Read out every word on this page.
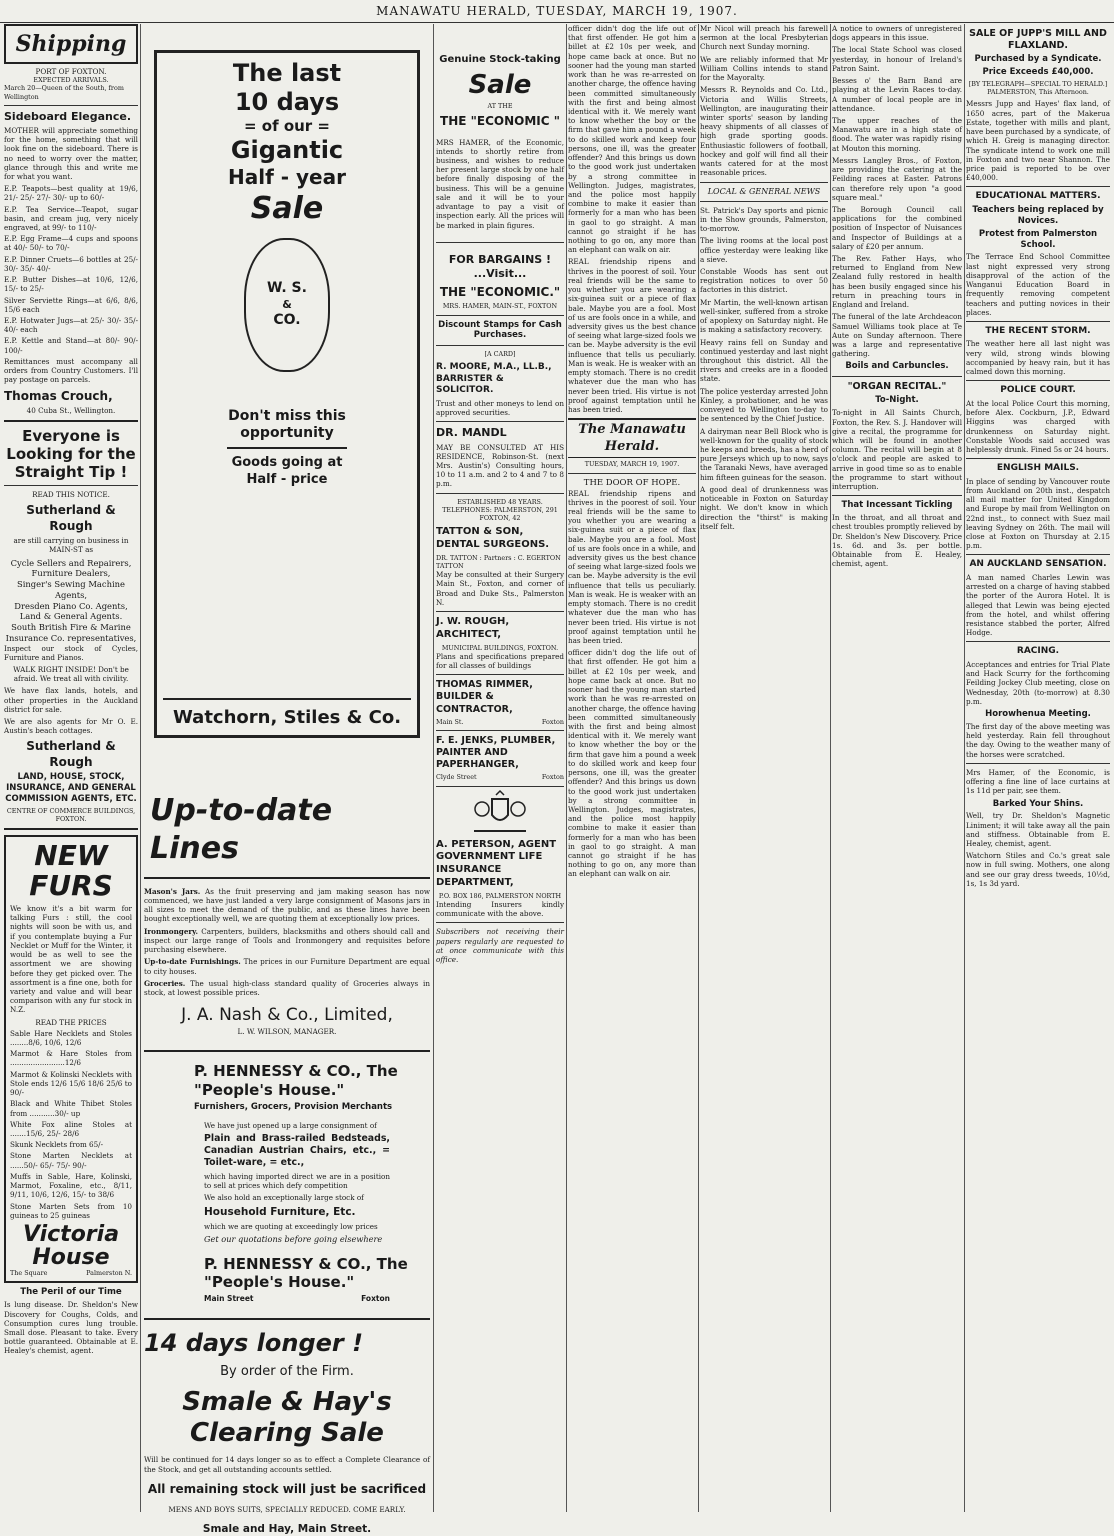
MANAWATU HERALD, TUESDAY, MARCH 19, 1907.
Shipping
PORT OF FOXTON.
EXPECTED ARRIVALS.
March 20—Queen of the South, from Wellington
Sideboard Elegance.

MOTHER will appreciate something for the home, something that will look fine on the sideboard. There is no need to worry over the matter, glance through this and write me for what you want.

E.P. Teapots—best quality at 19/6, 21/- 25/- 27/- 30/- up to 60/-

E.P. Tea Service—Teapot, sugar basin, and cream jug, very nicely engraved, at 99/- to 110/-

E.P. Egg Frame—4 cups and spoons at 40/- 50/- to 70/-

E.P. Dinner Cruets—6 bottles at 25/- 30/- 35/- 40/-

E.P. Butter Dishes—at 10/6, 12/6, 15/- to 25/-

Silver Serviette Rings—at 6/6, 8/6, 15/6 each

E.P. Hotwater Jugs—at 25/- 30/- 35/- 40/- each

E.P. Kettle and Stand—at 80/- 90/- 100/-

Remittances must accompany all orders from Country Customers. I'll pay postage on parcels.

Thomas Crouch,
40 Cuba St., Wellington.
Everyone is Looking for the Straight Tip !
READ THIS NOTICE.
Sutherland & Rough

are still carrying on business in MAIN-ST as

Cycle Sellers and Repairers, Furniture Dealers,
Singer's Sewing Machine Agents,
Dresden Piano Co. Agents,
Land & General Agents.
South British Fire & Marine Insurance Co. representatives,

Inspect our stock of Cycles, Furniture and Pianos.

WALK RIGHT INSIDE! Don't be afraid. We treat all with civility.

We have flax lands, hotels, and other properties in the Auckland district for sale.

We are also agents for Mr O. E. Austin's beach cottages.

Sutherland & Rough
LAND, HOUSE, STOCK, INSURANCE, AND GENERAL COMMISSION AGENTS, ETC.
CENTRE OF COMMERCE BUILDINGS, FOXTON.
NEW FURS

We know it's a bit warm for talking Furs : still, the cool nights will soon be with us, and if you contemplate buying a Fur Necklet or Muff for the Winter, it would be as well to see the assortment we are showing before they get picked over. The assortment is a fine one, both for variety and value and will bear comparison with any fur stock in N.Z.

READ THE PRICES

Sable Hare Necklets and Stoles ........8/6, 10/6, 12/6

Marmot & Hare Stoles from ........................12/6

Marmot & Kolinski Necklets with Stole ends 12/6 15/6 18/6 25/6 to 90/-

Black and White Thibet Stoles from ...........30/- up

White Fox aline Stoles at .......15/6, 25/- 28/6

Skunk Necklets from 65/-

Stone Marten Necklets at ......50/- 65/- 75/- 90/-

Muffs in Sable, Hare, Kolinski, Marmot, Foxaline, etc., 8/11, 9/11, 10/6, 12/6, 15/- to 38/6

Stone Marten Sets from 10 guineas to 25 guineas

Victoria House
The Square	Palmerston N.
The Peril of our Time

Is lung disease. Dr. Sheldon's New Discovery for Coughs, Colds, and Consumption cures lung trouble. Small dose. Pleasant to take. Every bottle guaranteed. Obtainable at E. Healey's chemist, agent.

The last
10 days
= of our =
Gigantic
Half - year
Sale
W. S.
&
CO.
Don't miss this opportunity
Goods going at Half - price
Watchorn, Stiles & Co.
Up-to-date Lines

Mason's Jars. As the fruit preserving and jam making season has now commenced, we have just landed a very large consignment of Masons jars in all sizes to meet the demand of the public, and as these lines have been bought exceptionally well, we are quoting them at exceptionally low prices.

Ironmongery. Carpenters, builders, blacksmiths and others should call and inspect our large range of Tools and Ironmongery and requisites before purchasing elsewhere.

Up-to-date Furnishings. The prices in our Furniture Department are equal to city houses.

Groceries. The usual high-class standard quality of Groceries always in stock, at lowest possible prices.

J. A. Nash & Co., Limited,
L. W. WILSON, MANAGER.
P. HENNESSY & CO., The "People's House."
Furnishers, Grocers, Provision Merchants

We have just opened up a large consignment of

Plain and Brass-railed Bedsteads, Canadian Austrian Chairs, etc., = Toilet-ware, = etc.,

which having imported direct we are in a position to sell at prices which defy competition

We also hold an exceptionally large stock of

Household Furniture, Etc.

which we are quoting at exceedingly low prices

Get our quotations before going elsewhere

P. HENNESSY & CO., The "People's House."
Main Street	Foxton
14 days longer !
By order of the Firm.
Smale & Hay's Clearing Sale

Will be continued for 14 days longer so as to effect a Complete Clearance of the Stock, and get all outstanding accounts settled.

All remaining stock will just be sacrificed
MENS AND BOYS SUITS, SPECIALLY REDUCED. COME EARLY.
Smale and Hay, Main Street.
Genuine Stock-taking
Sale
AT THE
THE "ECONOMIC "

MRS HAMER, of the Economic, intends to shortly retire from business, and wishes to reduce her present large stock by one half before finally disposing of the business. This will be a genuine sale and it will be to your advantage to pay a visit of inspection early. All the prices will be marked in plain figures.

FOR BARGAINS ! ...Visit...
THE "ECONOMIC."
MRS. HAMER, MAIN-ST., FOXTON
Discount Stamps for Cash Purchases.
[A CARD]
R. MOORE, M.A., LL.B., BARRISTER & SOLICITOR.

Trust and other moneys to lend on approved securities.

DR. MANDL

MAY BE CONSULTED AT HIS RESIDENCE, Robinson-St. (next Mrs. Austin's) Consulting hours, 10 to 11 a.m. and 2 to 4 and 7 to 8 p.m.

ESTABLISHED 48 YEARS. TELEPHONES: PALMERSTON, 291 FOXTON, 42

TATTON & SON, DENTAL SURGEONS.
DR. TATTON : Partners : C. EGERTON TATTON

May be consulted at their Surgery Main St., Foxton, and corner of Broad and Duke Sts., Palmerston N.

J. W. ROUGH, ARCHITECT,
MUNICIPAL BUILDINGS, FOXTON.

Plans and specifications prepared for all classes of buildings

THOMAS RIMMER, BUILDER & CONTRACTOR,
Main St.	Foxton
F. E. JENKS, PLUMBER, PAINTER AND PAPERHANGER,
Clyde Street	Foxton
A. PETERSON, AGENT GOVERNMENT LIFE INSURANCE DEPARTMENT,
P.O. BOX 186, PALMERSTON NORTH

Intending Insurers kindly communicate with the above.

Subscribers not receiving their papers regularly are requested to at once communicate with this office.

officer didn't dog the life out of that first offender. He got him a billet at £2 10s per week, and hope came back at once. But no sooner had the young man started work than he was re-arrested on another charge, the offence having been committed simultaneously with the first and being almost identical with it. We merely want to know whether the boy or the firm that gave him a pound a week to do skilled work and keep four persons, one ill, was the greater offender? And this brings us down to the good work just undertaken by a strong committee in Wellington. Judges, magistrates, and the police most happily combine to make it easier than formerly for a man who has been in gaol to go straight. A man cannot go straight if he has nothing to go on, any more than an elephant can walk on air.

REAL friendship ripens and thrives in the poorest of soil. Your real friends will be the same to you whether you are wearing a six-guinea suit or a piece of flax bale. Maybe you are a fool. Most of us are fools once in a while, and adversity gives us the best chance of seeing what large-sized fools we can be. Maybe adversity is the evil influence that tells us peculiarly. Man is weak. He is weaker with an empty stomach. There is no credit whatever due the man who has never been tried. His virtue is not proof against temptation until he has been tried.

The Manawatu Herald.
TUESDAY, MARCH 19, 1907.
THE DOOR OF HOPE.

REAL friendship ripens and thrives in the poorest of soil. Your real friends will be the same to you whether you are wearing a six-guinea suit or a piece of flax bale. Maybe you are a fool. Most of us are fools once in a while, and adversity gives us the best chance of seeing what large-sized fools we can be. Maybe adversity is the evil influence that tells us peculiarly. Man is weak. He is weaker with an empty stomach. There is no credit whatever due the man who has never been tried. His virtue is not proof against temptation until he has been tried.

officer didn't dog the life out of that first offender. He got him a billet at £2 10s per week, and hope came back at once. But no sooner had the young man started work than he was re-arrested on another charge, the offence having been committed simultaneously with the first and being almost identical with it. We merely want to know whether the boy or the firm that gave him a pound a week to do skilled work and keep four persons, one ill, was the greater offender? And this brings us down to the good work just undertaken by a strong committee in Wellington. Judges, magistrates, and the police most happily combine to make it easier than formerly for a man who has been in gaol to go straight. A man cannot go straight if he has nothing to go on, any more than an elephant can walk on air.

Mr Nicol will preach his farewell sermon at the local Presbyterian Church next Sunday morning.

We are reliably informed that Mr William Collins intends to stand for the Mayoralty.

Messrs R. Reynolds and Co. Ltd., Victoria and Willis Streets, Wellington, are inaugurating their winter sports' season by landing heavy shipments of all classes of high grade sporting goods. Enthusiastic followers of football, hockey and golf will find all their wants catered for at the most reasonable prices.

LOCAL & GENERAL NEWS

St. Patrick's Day sports and picnic in the Show grounds, Palmerston, to-morrow.

The living rooms at the local post office yesterday were leaking like a sieve.

Constable Woods has sent out registration notices to over 50 factories in this district.

Mr Martin, the well-known artisan well-sinker, suffered from a stroke of apoplexy on Saturday night. He is making a satisfactory recovery.

Heavy rains fell on Sunday and continued yesterday and last night throughout this district. All the rivers and creeks are in a flooded state.

The police yesterday arrested John Kinley, a probationer, and he was conveyed to Wellington to-day to be sentenced by the Chief Justice.

A dairyman near Bell Block who is well-known for the quality of stock he keeps and breeds, has a herd of pure Jerseys which up to now, says the Taranaki News, have averaged him fifteen guineas for the season.

A good deal of drunkenness was noticeable in Foxton on Saturday night. We don't know in which direction the "thirst" is making itself felt.

A notice to owners of unregistered dogs appears in this issue.

The local State School was closed yesterday, in honour of Ireland's Patron Saint.

Besses o' the Barn Band are playing at the Levin Races to-day. A number of local people are in attendance.

The upper reaches of the Manawatu are in a high state of flood. The water was rapidly rising at Mouton this morning.

Messrs Langley Bros., of Foxton, are providing the catering at the Feilding races at Easter. Patrons can therefore rely upon "a good square meal."

The Borough Council call applications for the combined position of Inspector of Nuisances and Inspector of Buildings at a salary of £20 per annum.

The Rev. Father Hays, who returned to England from New Zealand fully restored in health has been busily engaged since his return in preaching tours in England and Ireland.

The funeral of the late Archdeacon Samuel Williams took place at Te Aute on Sunday afternoon. There was a large and representative gathering.

Boils and Carbuncles.
"ORGAN RECITAL."
To-Night.

To-night in All Saints Church, Foxton, the Rev. S. J. Handover will give a recital, the programme for which will be found in another column. The recital will begin at 8 o'clock and people are asked to arrive in good time so as to enable the programme to start without interruption.

That Incessant Tickling

In the throat, and all throat and chest troubles promptly relieved by Dr. Sheldon's New Discovery. Price 1s. 6d. and 3s. per bottle. Obtainable from E. Healey, chemist, agent.

SALE OF JUPP'S MILL AND FLAXLAND.
Purchased by a Syndicate.
Price Exceeds £40,000.

[BY TELEGRAPH—SPECIAL TO HERALD.] PALMERSTON, This Afternoon.

Messrs Jupp and Hayes' flax land, of 1650 acres, part of the Makerua Estate, together with mills and plant, have been purchased by a syndicate, of which H. Greig is managing director. The syndicate intend to work one mill in Foxton and two near Shannon. The price paid is reported to be over £40,000.

EDUCATIONAL MATTERS.
Teachers being replaced by Novices.
Protest from Palmerston School.

The Terrace End School Committee last night expressed very strong disapproval of the action of the Wanganui Education Board in frequently removing competent teachers and putting novices in their places.

THE RECENT STORM.

The weather here all last night was very wild, strong winds blowing accompanied by heavy rain, but it has calmed down this morning.

POLICE COURT.

At the local Police Court this morning, before Alex. Cockburn, J.P., Edward Higgins was charged with drunkenness on Saturday night. Constable Woods said accused was helplessly drunk. Fined 5s or 24 hours.

ENGLISH MAILS.

In place of sending by Vancouver route from Auckland on 20th inst., despatch all mail matter for United Kingdom and Europe by mail from Wellington on 22nd inst., to connect with Suez mail leaving Sydney on 26th. The mail will close at Foxton on Thursday at 2.15 p.m.

AN AUCKLAND SENSATION.

A man named Charles Lewin was arrested on a charge of having stabbed the porter of the Aurora Hotel. It is alleged that Lewin was being ejected from the hotel, and whilst offering resistance stabbed the porter, Alfred Hodge.

RACING.

Acceptances and entries for Trial Plate and Hack Scurry for the forthcoming Feilding Jockey Club meeting, close on Wednesday, 20th (to-morrow) at 8.30 p.m.

Horowhenua Meeting.

The first day of the above meeting was held yesterday. Rain fell throughout the day. Owing to the weather many of the horses were scratched.

Mrs Hamer, of the Economic, is offering a fine line of lace curtains at 1s 11d per pair, see them.

Barked Your Shins.

Well, try Dr. Sheldon's Magnetic Liniment; it will take away all the pain and stiffness. Obtainable from E. Healey, chemist, agent.

Watchorn Stiles and Co.'s great sale now in full swing. Mothers, one along and see our gray dress tweeds, 10½d, 1s, 1s 3d yard.
